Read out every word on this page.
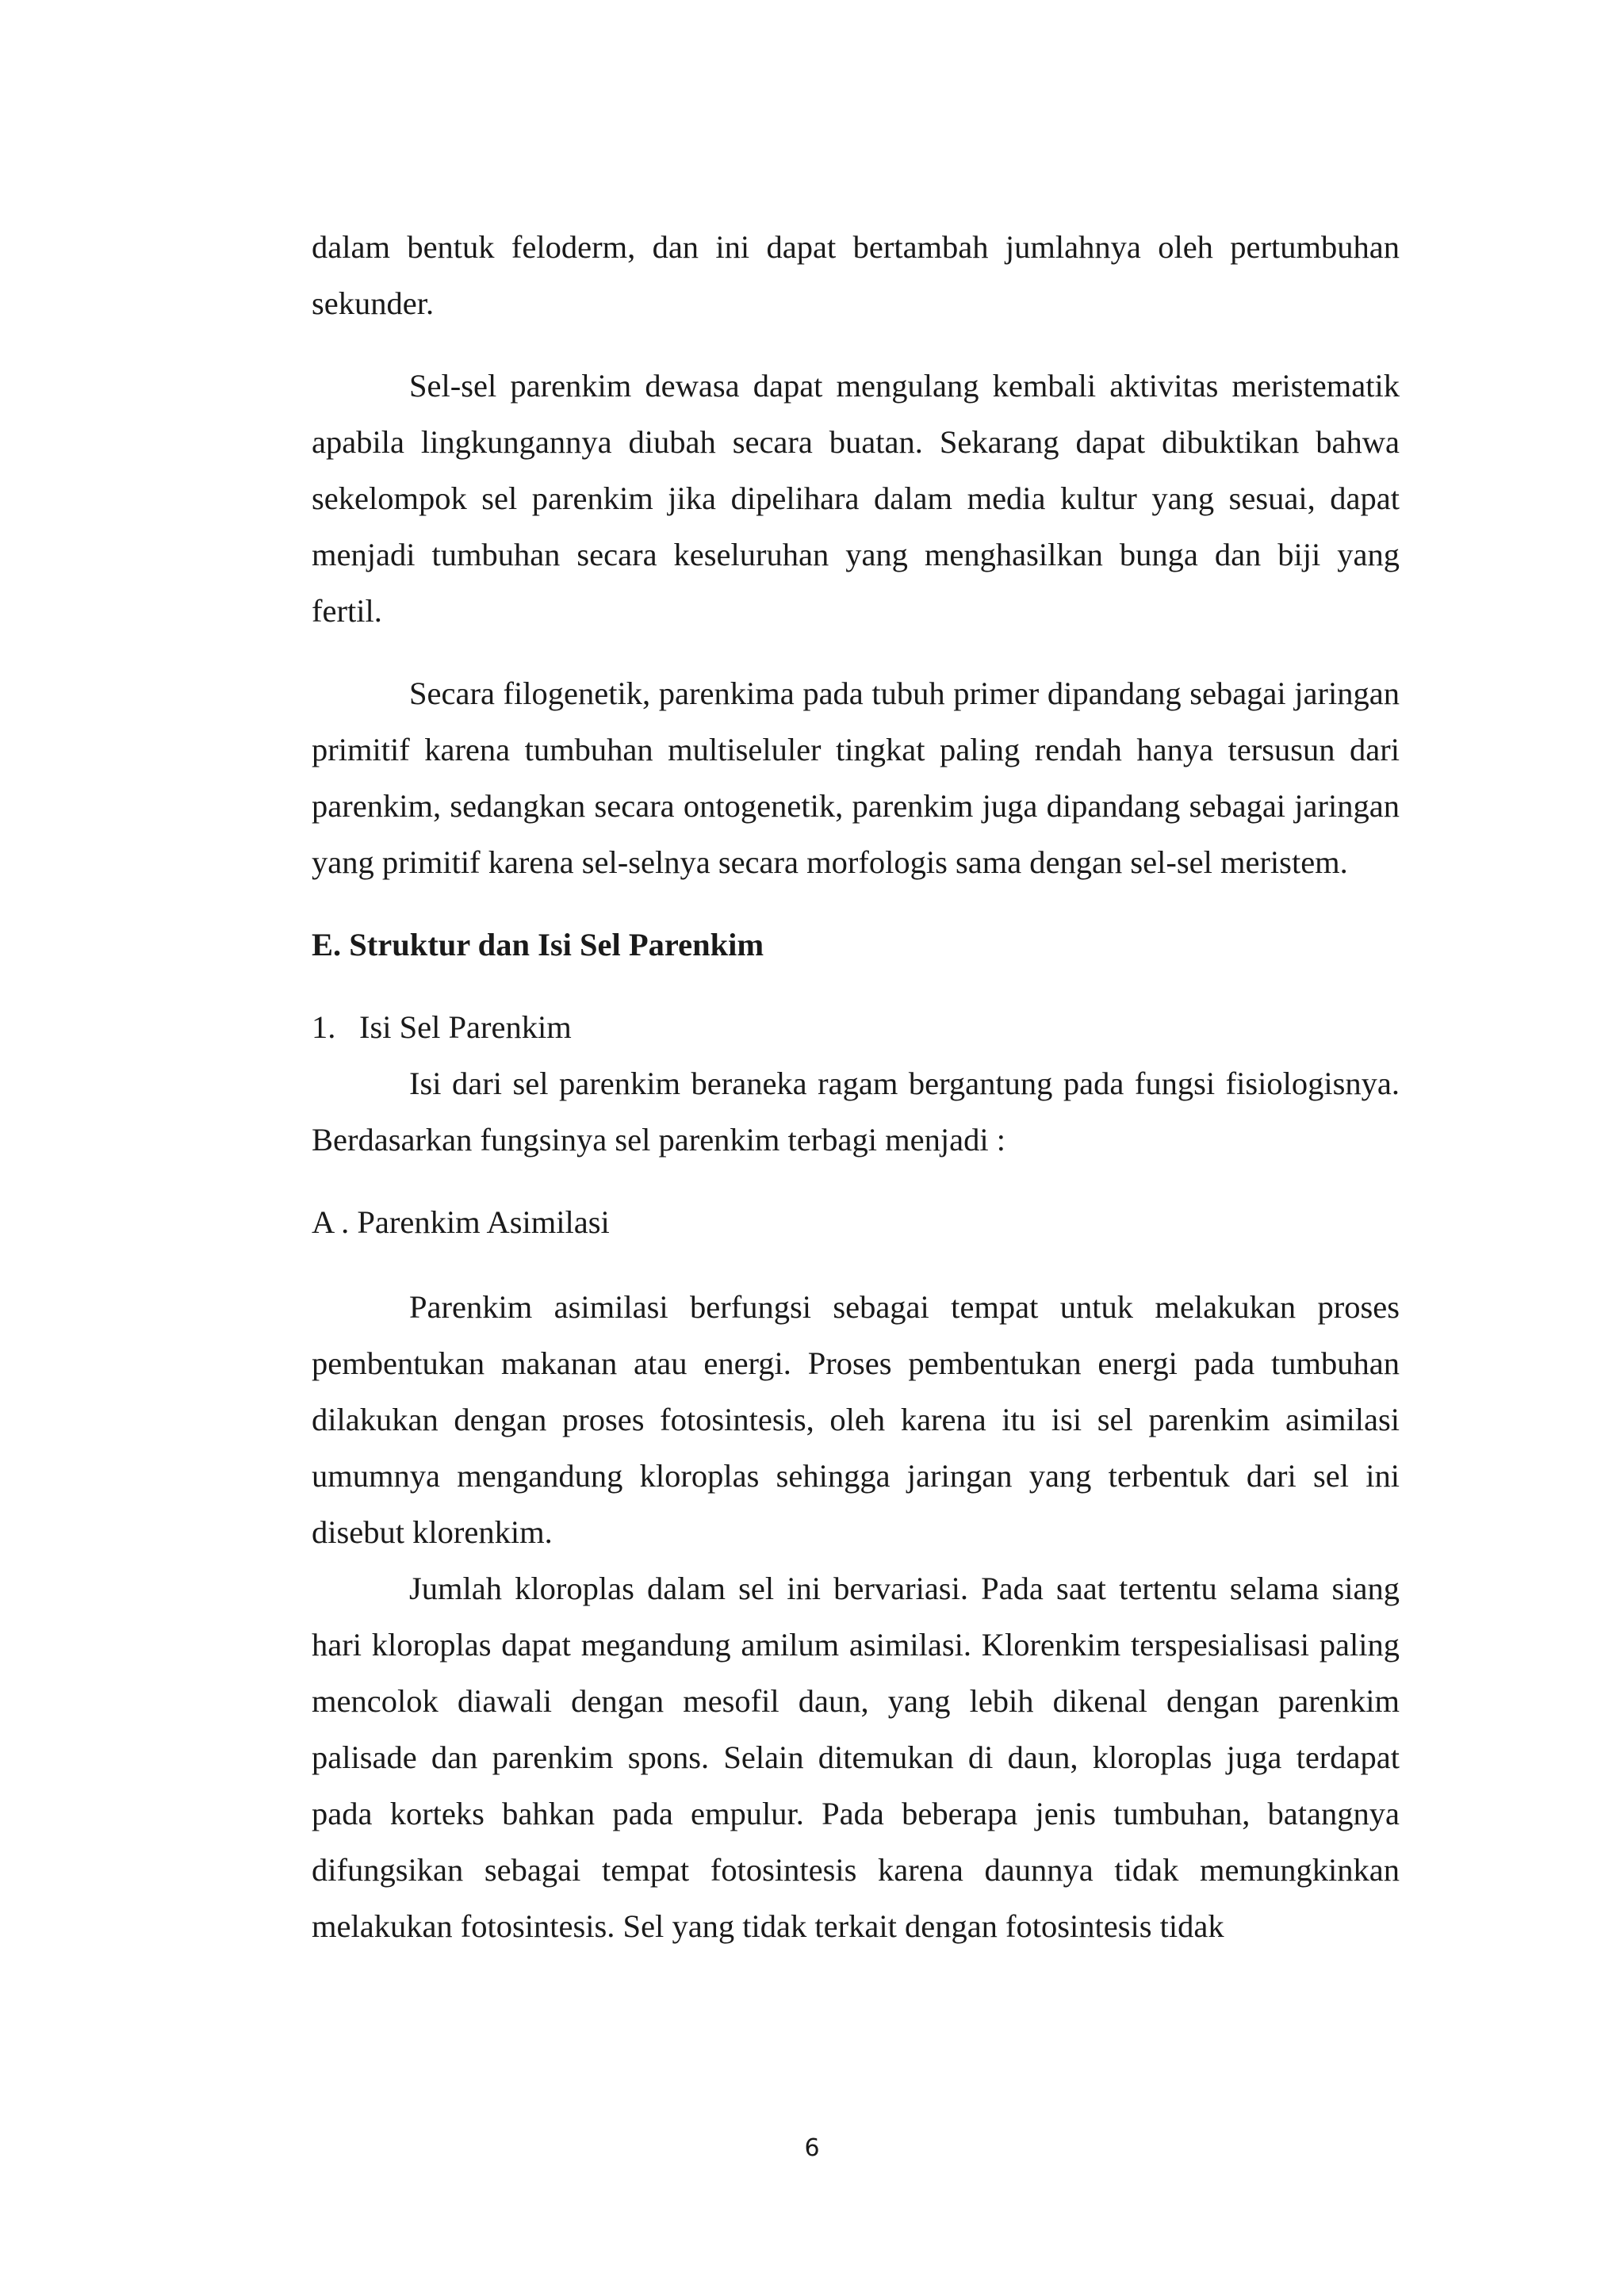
dalam bentuk feloderm, dan ini dapat bertambah jumlahnya oleh pertumbuhan sekunder.

Sel-sel parenkim dewasa dapat mengulang kembali aktivitas meristematik apabila lingkungannya diubah secara buatan. Sekarang dapat dibuktikan bahwa sekelompok sel parenkim jika dipelihara dalam media kultur yang sesuai, dapat menjadi tumbuhan secara keseluruhan yang menghasilkan bunga dan biji yang fertil.

Secara filogenetik, parenkima pada tubuh primer dipandang sebagai jaringan primitif karena tumbuhan multiseluler tingkat paling rendah hanya tersusun dari parenkim, sedangkan secara ontogenetik, parenkim juga dipandang sebagai jaringan yang primitif karena sel-selnya secara morfologis sama dengan sel-sel meristem.

E. Struktur dan Isi Sel Parenkim

1. Isi Sel Parenkim

Isi dari sel parenkim beraneka ragam bergantung pada fungsi fisiologisnya. Berdasarkan fungsinya sel parenkim terbagi menjadi :

A . Parenkim Asimilasi

Parenkim asimilasi berfungsi sebagai tempat untuk melakukan proses pembentukan makanan atau energi. Proses pembentukan energi pada tumbuhan dilakukan dengan proses fotosintesis, oleh karena itu isi sel parenkim asimilasi umumnya mengandung kloroplas sehingga jaringan yang terbentuk dari sel ini disebut klorenkim.

Jumlah kloroplas dalam sel ini bervariasi. Pada saat tertentu selama siang hari kloroplas dapat megandung amilum asimilasi. Klorenkim terspesialisasi paling mencolok diawali dengan mesofil daun, yang lebih dikenal dengan parenkim palisade dan parenkim spons. Selain ditemukan di daun, kloroplas juga terdapat pada korteks bahkan pada empulur. Pada beberapa jenis tumbuhan, batangnya difungsikan sebagai tempat fotosintesis karena daunnya tidak memungkinkan melakukan fotosintesis. Sel yang tidak terkait dengan fotosintesis tidak

6
